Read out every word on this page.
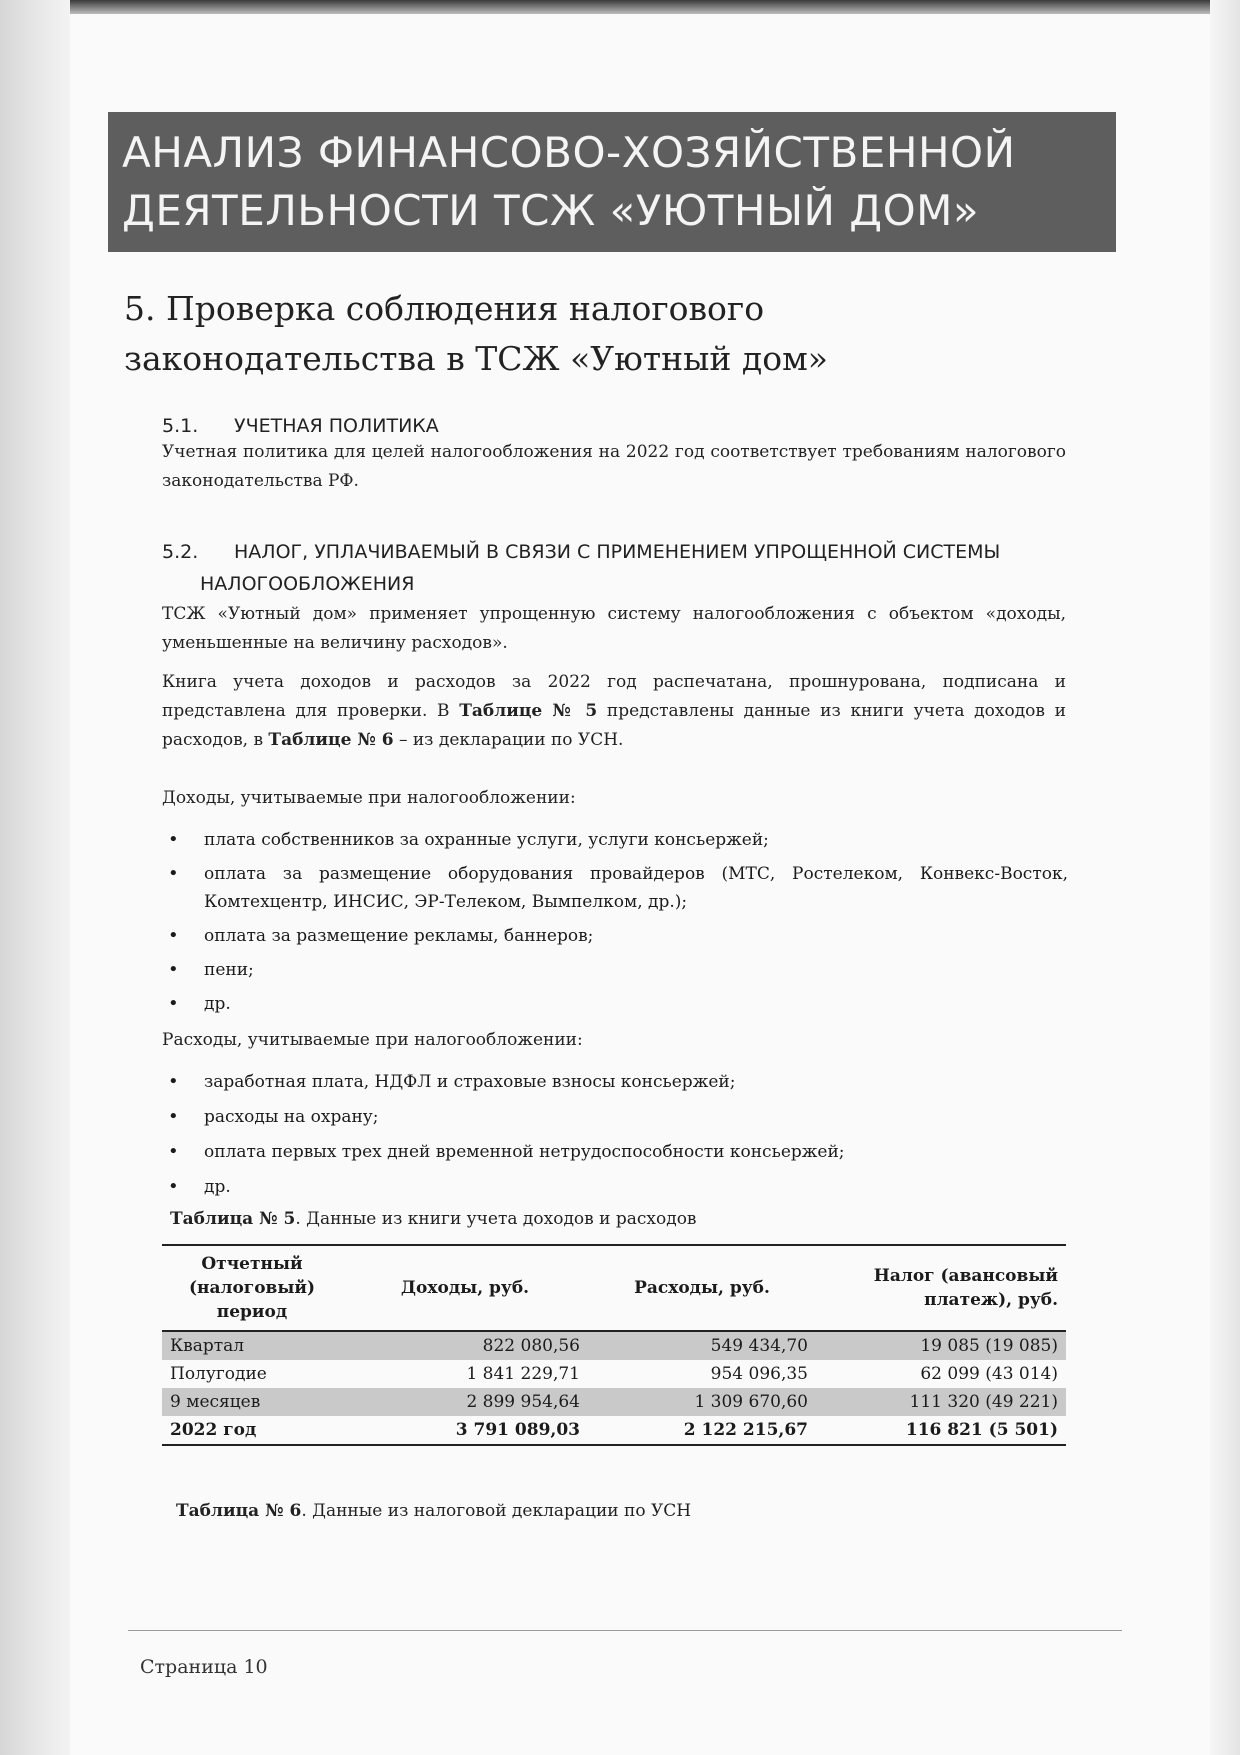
АНАЛИЗ ФИНАНСОВО-ХОЗЯЙСТВЕННОЙ
ДЕЯТЕЛЬНОСТИ ТСЖ «УЮТНЫЙ ДОМ»
5. Проверка соблюдения налогового законодательства в ТСЖ «Уютный дом»
5.1. УЧЕТНАЯ ПОЛИТИКА
Учетная политика для целей налогообложения на 2022 год соответствует требованиям налогового законодательства РФ.
5.2. НАЛОГ, УПЛАЧИВАЕМЫЙ В СВЯЗИ С ПРИМЕНЕНИЕМ УПРОЩЕННОЙ СИСТЕМЫ
НАЛОГООБЛОЖЕНИЯ
ТСЖ «Уютный дом» применяет упрощенную систему налогообложения с объектом «доходы, уменьшенные на величину расходов».
Книга учета доходов и расходов за 2022 год распечатана, прошнурована, подписана и представлена для проверки. В Таблице № 5 представлены данные из книги учета доходов и расходов, в Таблице № 6 – из декларации по УСН.
Доходы, учитываемые при налогообложении:
• плата собственников за охранные услуги, услуги консьержей;
• оплата за размещение оборудования провайдеров (МТС, Ростелеком, Конвекс-Восток, Комтехцентр, ИНСИС, ЭР-Телеком, Вымпелком, др.);
• оплата за размещение рекламы, баннеров;
• пени;
• др.
Расходы, учитываемые при налогообложении:
• заработная плата, НДФЛ и страховые взносы консьержей;
• расходы на охрану;
• оплата первых трех дней временной нетрудоспособности консьержей;
• др.
Таблица № 5. Данные из книги учета доходов и расходов
Отчетный (налоговый) период	Доходы, руб.	Расходы, руб.	Налог (авансовый платеж), руб.
Квартал	822 080,56	549 434,70	19 085 (19 085)
Полугодие	1 841 229,71	954 096,35	62 099 (43 014)
9 месяцев	2 899 954,64	1 309 670,60	111 320 (49 221)
2022 год	3 791 089,03	2 122 215,67	116 821 (5 501)
Таблица № 6. Данные из налоговой декларации по УСН
Страница 10
